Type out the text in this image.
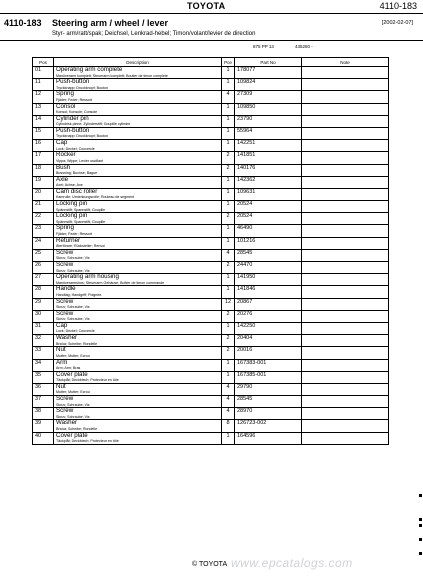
TOYOTA	4110-183
4110-183 Steering arm / wheel / lever	[2002-02-07]
Styr- arm/ratt/spak; Deichsel, Lenkrad-hebel; Timon/volant/levier de direction
875 PP 13	435260 -
Pos	Description	Pce	Part No	Note
01	Operating arm complete
Manöverarm komplett; Steuerarm komplett; Boutier de timon complete	1	178077	
11	Push-button
Tryckknapp; Druckknopf; Bouton	1	109824	
12	Spring
Fjäder; Feder; Ressort	4	27309	
13	Consol
Konsol; Konsole; Console	1	109850	
14	Cylinder pin
Cylindrisk pinne; Zylinderstift; Goupille cylindre	1	23790	
15	Push-button
Tryckknapp; Druckknopf; Bouton	1	55964	
16	Cap
Lock; Deckel; Couvercle	1	142251	
17	Rocker
Vippa; Wippe; Levier oscillant	2	141851	
18	Bush
Bussning; Buchse; Bague	2	140176	
19	Axle
Axel; Achse; Axe	1	142362	
20	Cam disc roller
Kamrulle; Umlenkungsrolle; Rouleau de segment	1	109631	
21	Locking pin
Spännstift; Spannstift; Goupille	1	20524	
22	Locking pin
Spännstift; Spannstift; Goupille	2	20524	
23	Spring
Fjäder; Feder; Ressort	1	46490	
24	Returner
Återförare; Rücksteller; Renvoi	1	101216	
25	Screw
Skruv; Schraube; Vis	4	28545	
26	Screw
Skruv; Schraube; Vis	2	24470	
27	Operating arm housing
Manöverarmshus; Steuerarm Gehäuse; Boîtier de timon commande	1	141950	
28	Handle
Handtag; Handgriff; Poignée.	1	141846	
29	Screw
Skruv; Schraube; Vis	12	20867	
30	Screw
Skruv; Schraube; Vis	2	20276	
31	Cap
Lock; Deckel; Couvercle	1	142250	
32	Washer
Bricka; Scheibe; Rondelle	2	20404	
33	Nut
Mutter; Mutter; Ecrou	2	20016	
34	Arm
Arm; Arm; Bras	1	167383-001	
35	Cover plate
Täckplåt; Deckblech; Protecteur en tôle	1	167385-001	
36	Nut
Mutter; Mutter; Ecrou	4	29790	
37	Screw
Skruv; Schraube; Vis	4	28545	
38	Screw
Skruv; Schraube; Vis	4	28970	
39	Washer
Bricka; Scheibe; Rondelle	8	126723-002	
40	Cover plate
Täckplåt; Deckblech; Protecteur en tôle	1	164596	
© TOYOTA www.epcatalogs.com
